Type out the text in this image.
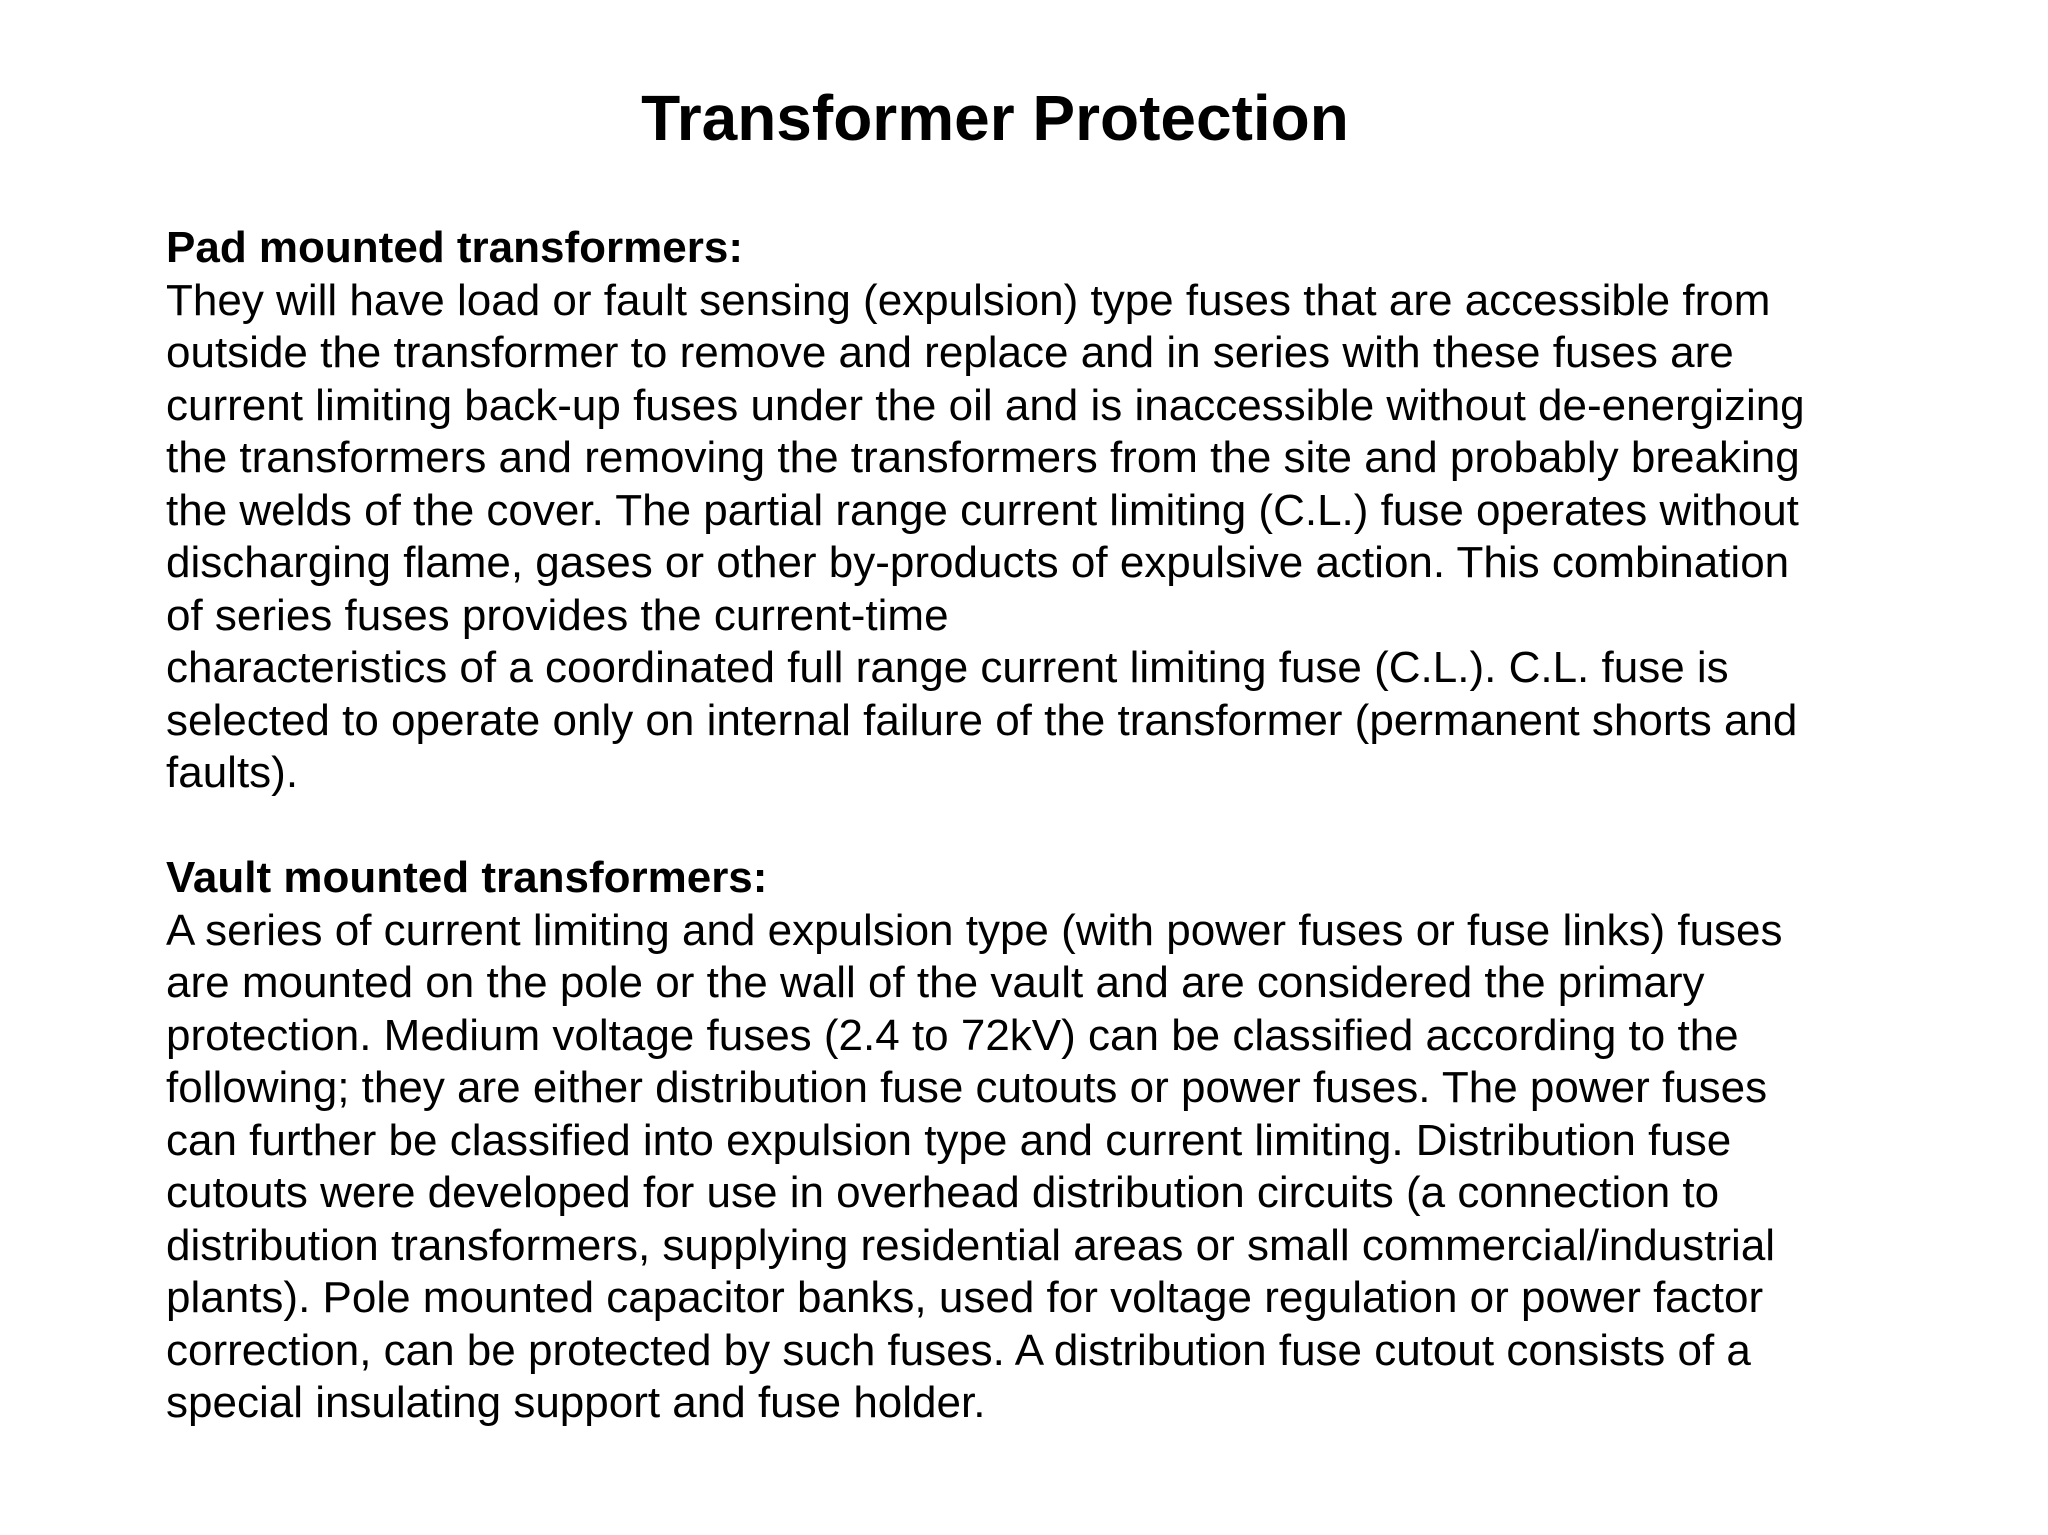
Transformer Protection
Pad mounted transformers:
They will have load or fault sensing (expulsion) type fuses that are accessible from
outside the transformer to remove and replace and in series with these fuses are
current limiting back-up fuses under the oil and is inaccessible without de-energizing
the transformers and removing the transformers from the site and probably breaking
the welds of the cover. The partial range current limiting (C.L.) fuse operates without
discharging flame, gases or other by-products of expulsive action. This combination
of series fuses provides the current-time
characteristics of a coordinated full range current limiting fuse (C.L.). C.L. fuse is
selected to operate only on internal failure of the transformer (permanent shorts and
faults).
Vault mounted transformers:
A series of current limiting and expulsion type (with power fuses or fuse links) fuses
are mounted on the pole or the wall of the vault and are considered the primary
protection. Medium voltage fuses (2.4 to 72kV) can be classified according to the
following; they are either distribution fuse cutouts or power fuses. The power fuses
can further be classified into expulsion type and current limiting. Distribution fuse
cutouts were developed for use in overhead distribution circuits (a connection to
distribution transformers, supplying residential areas or small commercial/industrial
plants). Pole mounted capacitor banks, used for voltage regulation or power factor
correction, can be protected by such fuses. A distribution fuse cutout consists of a
special insulating support and fuse holder.
